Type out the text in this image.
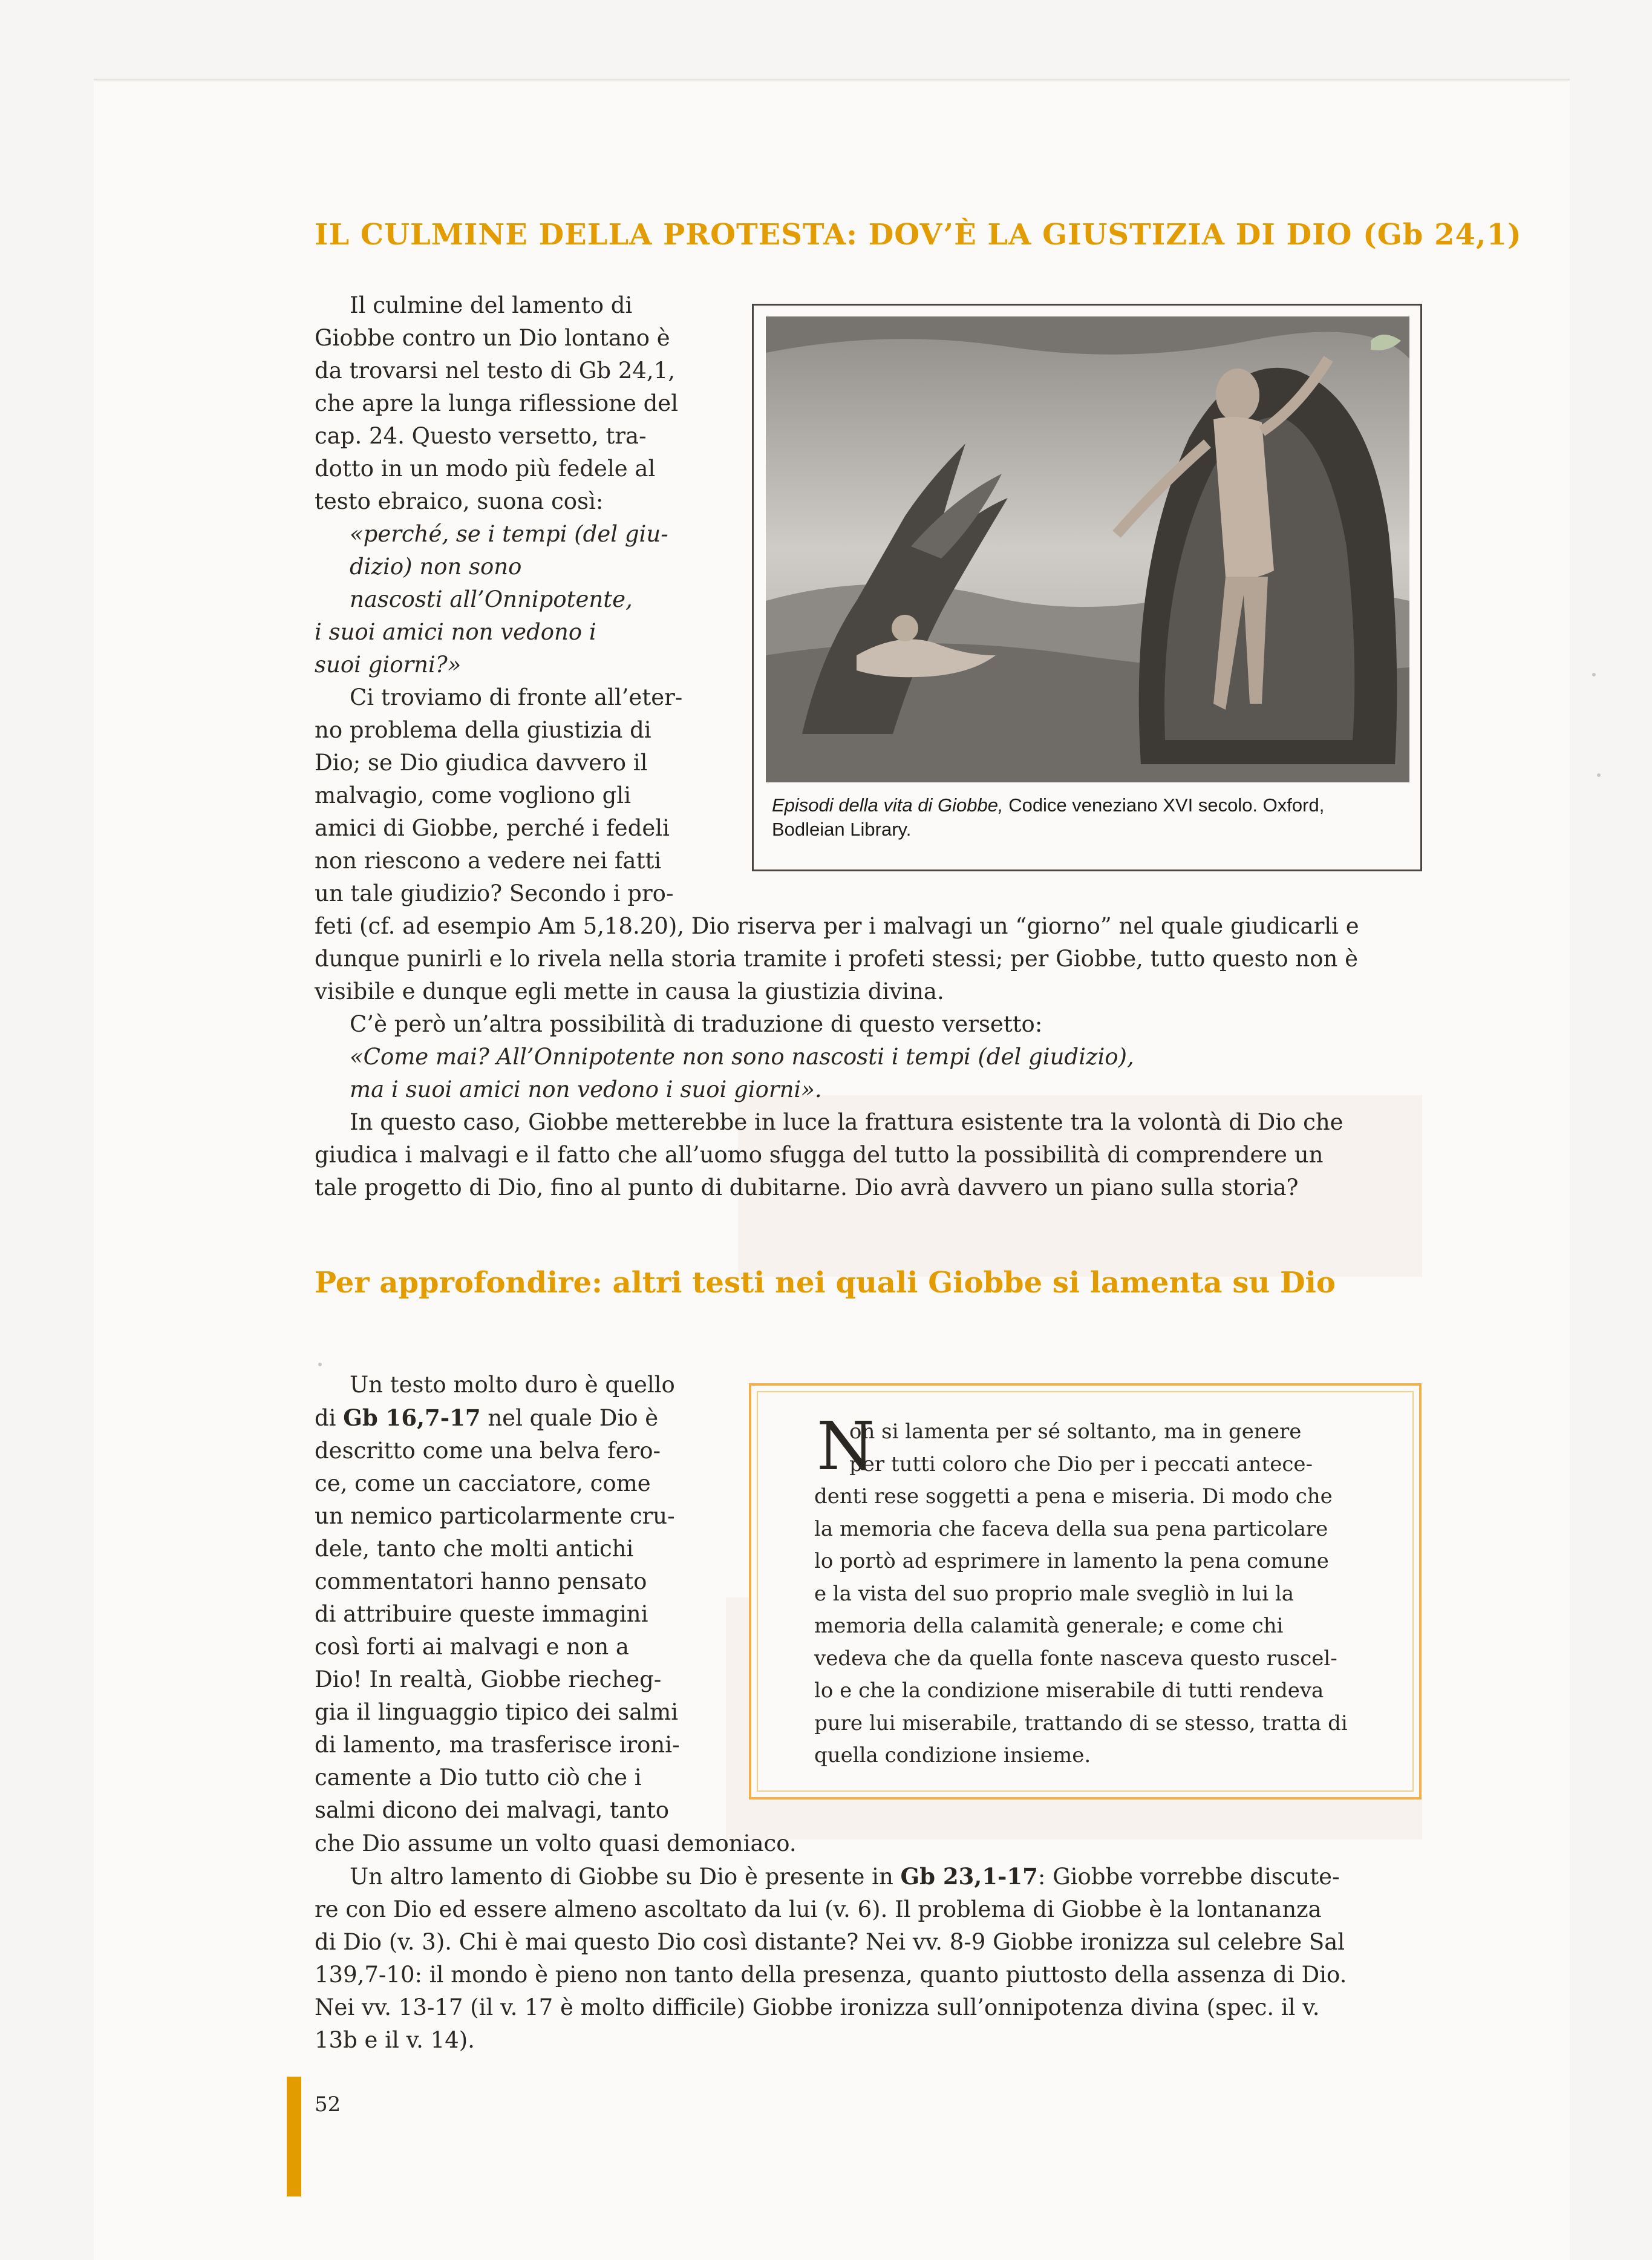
IL CULMINE DELLA PROTESTA: DOV’È LA GIUSTIZIA DI DIO (Gb 24,1)

Il culmine del lamento di

Giobbe contro un Dio lontano è

da trovarsi nel testo di Gb 24,1,

che apre la lunga riflessione del

cap. 24. Questo versetto, tra-

dotto in un modo più fedele al

testo ebraico, suona così:

«perché, se i tempi (del giu-

dizio) non sono

nascosti all’Onnipotente,

i suoi amici non vedono i

suoi giorni?»

Ci troviamo di fronte all’eter-

no problema della giustizia di

Dio; se Dio giudica davvero il

malvagio, come vogliono gli

amici di Giobbe, perché i fedeli

non riescono a vedere nei fatti

un tale giudizio? Secondo i pro-

Episodi della vita di Giobbe, Codice veneziano XVI secolo. Oxford,
Bodleian Library.

feti (cf. ad esempio Am 5,18.20), Dio riserva per i malvagi un “giorno” nel quale giudicarli e

dunque punirli e lo rivela nella storia tramite i profeti stessi; per Giobbe, tutto questo non è

visibile e dunque egli mette in causa la giustizia divina.

C’è però un’altra possibilità di traduzione di questo versetto:

«Come mai? All’Onnipotente non sono nascosti i tempi (del giudizio),

ma i suoi amici non vedono i suoi giorni».

In questo caso, Giobbe metterebbe in luce la frattura esistente tra la volontà di Dio che

giudica i malvagi e il fatto che all’uomo sfugga del tutto la possibilità di comprendere un

tale progetto di Dio, fino al punto di dubitarne. Dio avrà davvero un piano sulla storia?

Per approfondire: altri testi nei quali Giobbe si lamenta su Dio

Un testo molto duro è quello

di Gb 16,7-17 nel quale Dio è

descritto come una belva fero-

ce, come un cacciatore, come

un nemico particolarmente cru-

dele, tanto che molti antichi

commentatori hanno pensato

di attribuire queste immagini

così forti ai malvagi e non a

Dio! In realtà, Giobbe riecheg-

gia il linguaggio tipico dei salmi

di lamento, ma trasferisce ironi-

camente a Dio tutto ciò che i

salmi dicono dei malvagi, tanto

N
on si lamenta per sé soltanto, ma in genere
per tutti coloro che Dio per i peccati antece-
denti rese soggetti a pena e miseria. Di modo che
la memoria che faceva della sua pena particolare
lo portò ad esprimere in lamento la pena comune
e la vista del suo proprio male svegliò in lui la
memoria della calamità generale; e come chi
vedeva che da quella fonte nasceva questo ruscel-
lo e che la condizione miserabile di tutti rendeva
pure lui miserabile, trattando di se stesso, tratta di
quella condizione insieme.

che Dio assume un volto quasi demoniaco.

Un altro lamento di Giobbe su Dio è presente in Gb 23,1-17: Giobbe vorrebbe discute-

re con Dio ed essere almeno ascoltato da lui (v. 6). Il problema di Giobbe è la lontananza

di Dio (v. 3). Chi è mai questo Dio così distante? Nei vv. 8-9 Giobbe ironizza sul celebre Sal

139,7-10: il mondo è pieno non tanto della presenza, quanto piuttosto della assenza di Dio.

Nei vv. 13-17 (il v. 17 è molto difficile) Giobbe ironizza sull’onnipotenza divina (spec. il v.

13b e il v. 14).

52
